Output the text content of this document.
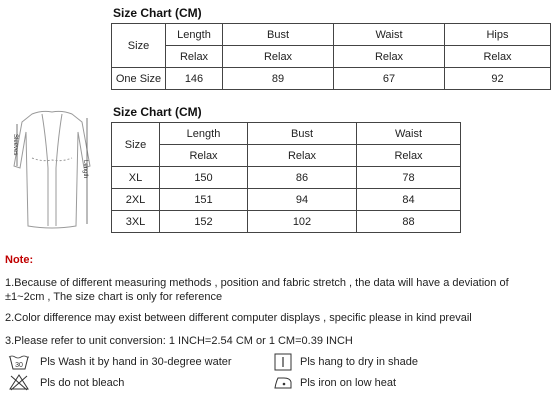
Size Chart (CM)
Size	Length	Bust	Waist	Hips
	Relax	Relax	Relax	Relax
One Size	146	89	67	92
Sleeves
Length
Size Chart (CM)
Size	Length	Bust	Waist
	Relax	Relax	Relax
XL	150	86	78
2XL	151	94	84
3XL	152	102	88
Note:
1.Because of different measuring methods , position and fabric stretch , the data will have a deviation of ±1~2cm , The size chart is only for reference
2.Color difference may exist between different computer displays , specific please in kind prevail
3.Please refer to unit conversion: 1 INCH=2.54 CM or 1 CM=0.39 INCH
30 Pls Wash it by hand in 30-degree water	Pls hang to dry in shade
Pls do not bleach	Pls iron on low heat
